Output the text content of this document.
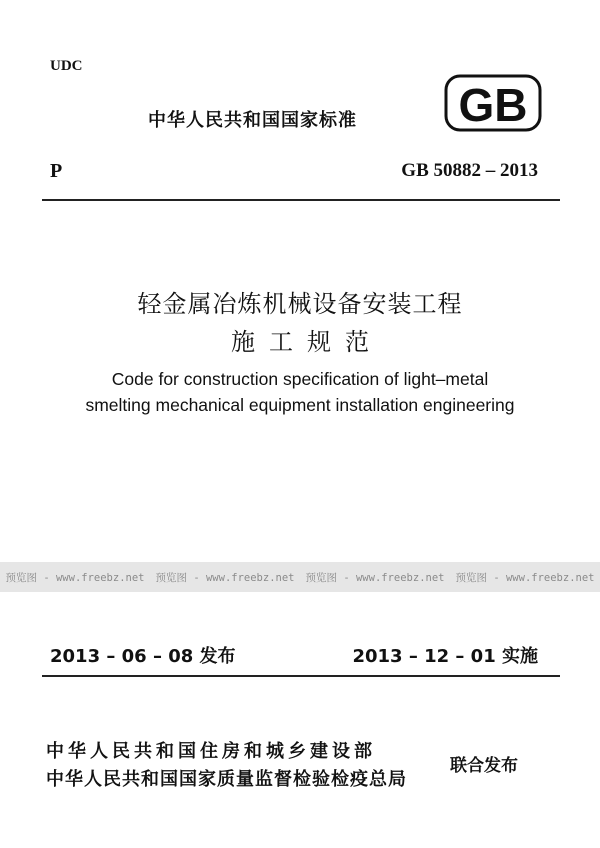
UDC
中华人民共和国国家标准 GB
P	GB 50882 – 2013
轻金属冶炼机械设备安装工程
施工规范
Code for construction specification of light–metal
smelting mechanical equipment installation engineering
预览图 - www.freebz.net 预览图 - www.freebz.net 预览图 - www.freebz.net 预览图 - www.freebz.net
2013 – 06 – 08 发布	2013 – 12 – 01 实施
中华人民共和国住房和城乡建设部
中华人民共和国国家质量监督检验检疫总局
联合发布
